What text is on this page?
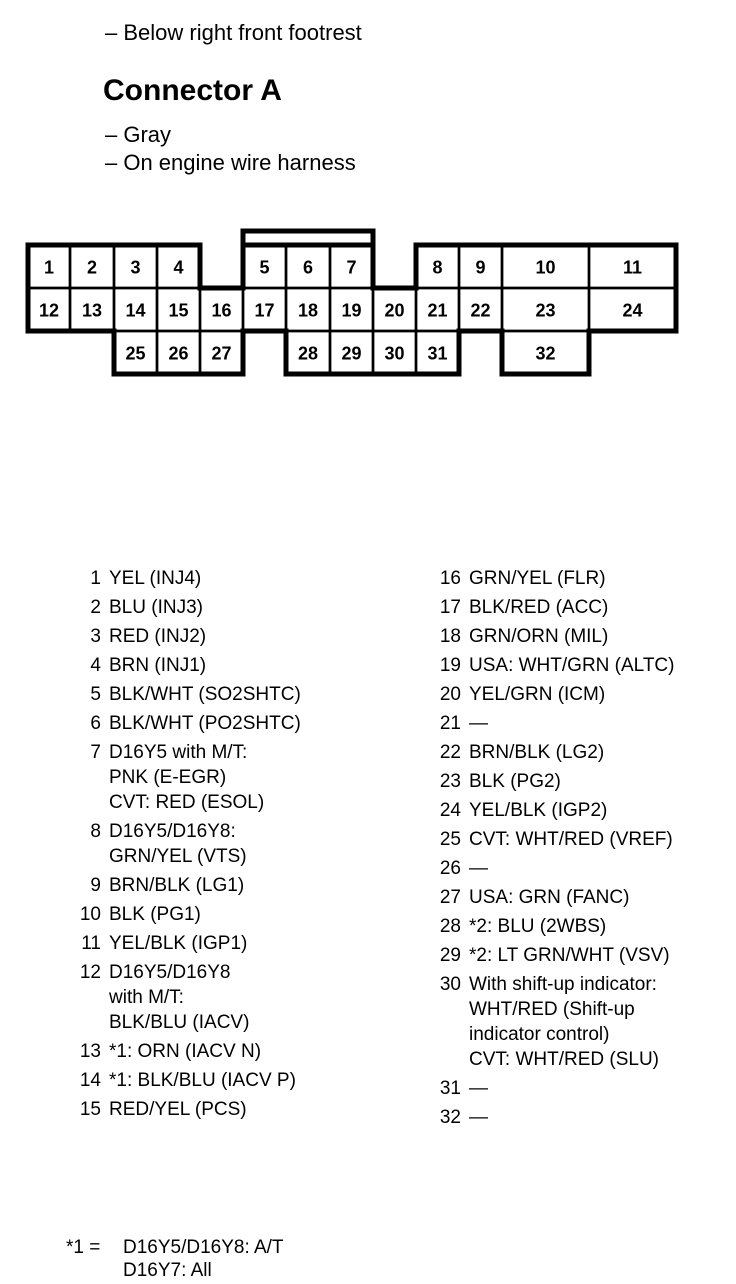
– Below right front footrest
Connector A
– Gray
– On engine wire harness
1 2 3 4	5 6 7	8 9	10	11
12 13 14 15 16 17 18 19 20 21 22 23	24
25 26 27	28 29 30 31	32
1 YEL (INJ4)
2 BLU (INJ3)
3 RED (INJ2)
4 BRN (INJ1)
5 BLK/WHT (SO2SHTC)
6 BLK/WHT (PO2SHTC)
7 D16Y5 with M/T:
PNK (E-EGR)
CVT: RED (ESOL)
8 D16Y5/D16Y8:
GRN/YEL (VTS)
9 BRN/BLK (LG1)
10 BLK (PG1)
11 YEL/BLK (IGP1)
12 D16Y5/D16Y8
with M/T:
BLK/BLU (IACV)
13 *1: ORN (IACV N)
14 *1: BLK/BLU (IACV P)
15 RED/YEL (PCS)
16 GRN/YEL (FLR)
17 BLK/RED (ACC)
18 GRN/ORN (MIL)
19 USA: WHT/GRN (ALTC)
20 YEL/GRN (ICM)
21 —
22 BRN/BLK (LG2)
23 BLK (PG2)
24 YEL/BLK (IGP2)
25 CVT: WHT/RED (VREF)
26 —
27 USA: GRN (FANC)
28 *2: BLU (2WBS)
29 *2: LT GRN/WHT (VSV)
30 With shift-up indicator:
WHT/RED (Shift-up
indicator control)
CVT: WHT/RED (SLU)
31 —
32 —
*1 = D16Y5/D16Y8: A/T
D16Y7: All
